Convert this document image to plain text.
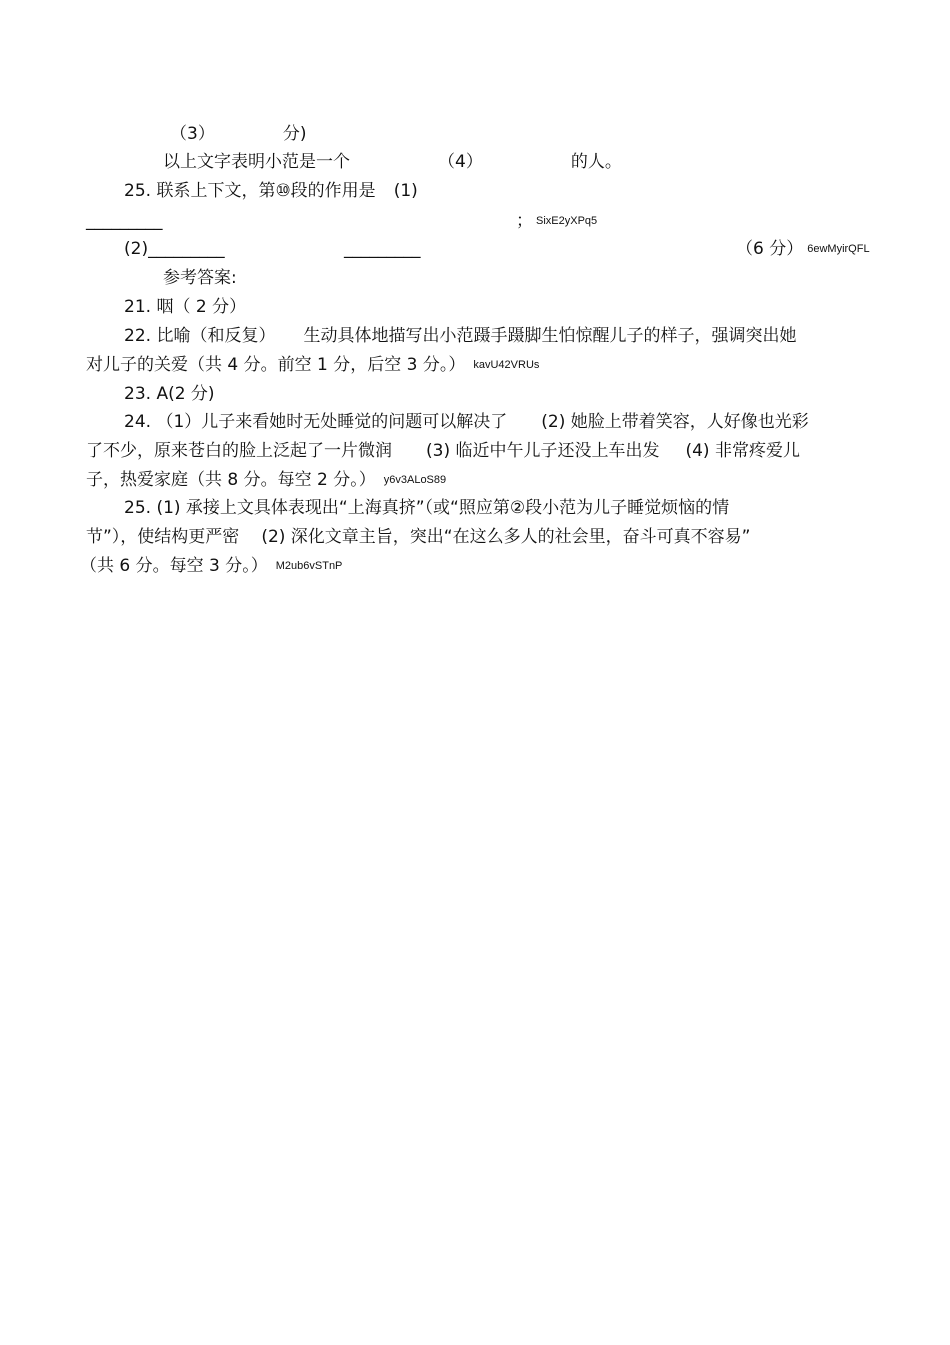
（3）	分)
以上文字表明小范是一个	（4）	的人。
25. 联系上下文，第⑩段的作用是 (1)
_________	； SixE2yXPq5
(2)_________	_________	（6 分） 6ewMyirQFL
参考答案:
21. 咽（ 2 分）
22. 比喻（和反复） 生动具体地描写出小范蹑手蹑脚生怕惊醒儿子的样子，强调突出她
对儿子的关爱（共 4 分。前空 1 分，后空 3 分。） kavU42VRUs
23. A(2 分)
24. （1）儿子来看她时无处睡觉的问题可以解决了 (2) 她脸上带着笑容，人好像也光彩
了不少，原来苍白的脸上泛起了一片微润 (3) 临近中午儿子还没上车出发 (4) 非常疼爱儿
子，热爱家庭（共 8 分。每空 2 分。） y6v3ALoS89
25. (1) 承接上文具体表现出“上海真挤”（或“照应第②段小范为儿子睡觉烦恼的情
节”），使结构更严密 (2) 深化文章主旨，突出“在这么多人的社会里，奋斗可真不容易”
（共 6 分。每空 3 分。） M2ub6vSTnP
